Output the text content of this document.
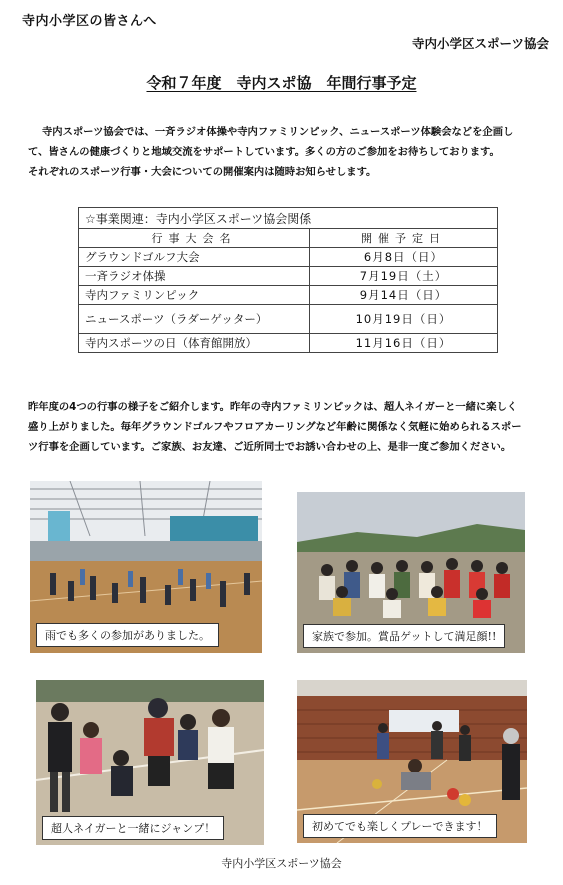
寺内小学区の皆さんへ
寺内小学区スポーツ協会
令和７年度　寺内スポ協　年間行事予定
寺内スポーツ協会では、一斉ラジオ体操や寺内ファミリンピック、ニュースポーツ体験会などを企画し
て、皆さんの健康づくりと地域交流をサポートしています。多くの方のご参加をお待ちしております。
それぞれのスポーツ行事・大会についての開催案内は随時お知らせします。
☆事業関連：寺内小学区スポーツ協会関係	
行事大会名	開催予定日
グラウンドゴルフ大会	6月8日（日）
一斉ラジオ体操	7月19日（土）
寺内ファミリンピック	9月14日（日）
ニュースポーツ（ラダーゲッター）	10月19日（日）
寺内スポーツの日（体育館開放）	11月16日（日）
昨年度の4つの行事の様子をご紹介します。昨年の寺内ファミリンピックは、超人ネイガーと一緒に楽しく
盛り上がりました。毎年グラウンドゴルフやフロアカーリングなど年齢に関係なく気軽に始められるスポー
ツ行事を企画しています。ご家族、お友達、ご近所同士でお誘い合わせの上、是非一度ご参加ください。
雨でも多くの参加がありました。	家族で参加。賞品ゲットして満足顔!!
超人ネイガーと一緒にジャンプ！	初めてでも楽しくプレーできます！
寺内小学区スポーツ協会
